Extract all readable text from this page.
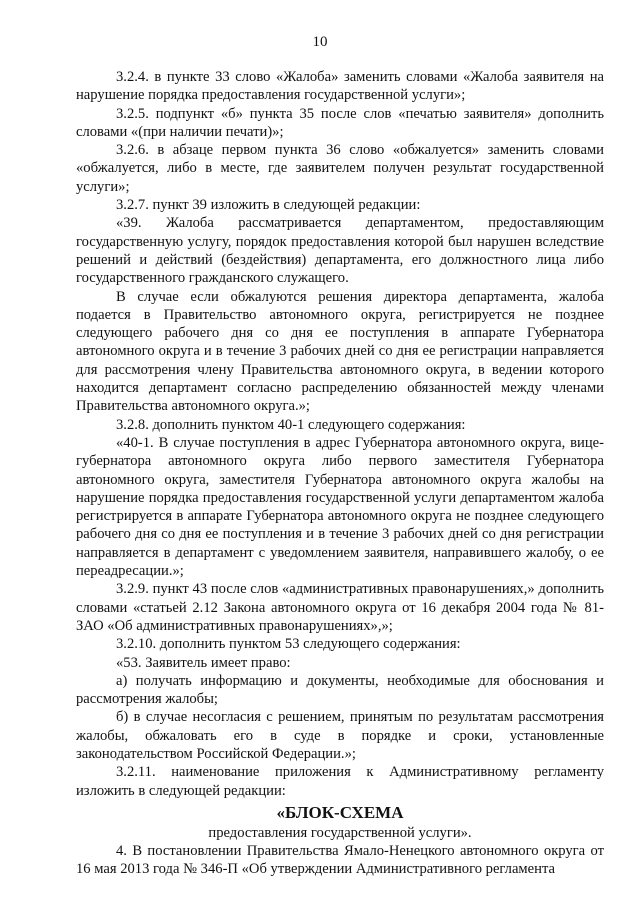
10

3.2.4. в пункте 33 слово «Жалоба» заменить словами «Жалоба заявителя на нарушение порядка предоставления государственной услуги»;

3.2.5. подпункт «б» пункта 35 после слов «печатью заявителя» дополнить словами «(при наличии печати)»;

3.2.6. в абзаце первом пункта 36 слово «обжалуется» заменить словами «обжалуется, либо в месте, где заявителем получен результат государственной услуги»;

3.2.7. пункт 39 изложить в следующей редакции:

«39. Жалоба рассматривается департаментом, предоставляющим государственную услугу, порядок предоставления которой был нарушен вследствие решений и действий (бездействия) департамента, его должностного лица либо государственного гражданского служащего.

В случае если обжалуются решения директора департамента, жалоба подается в Правительство автономного округа, регистрируется не позднее следующего рабочего дня со дня ее поступления в аппарате Губернатора автономного округа и в течение 3 рабочих дней со дня ее регистрации направляется для рассмотрения члену Правительства автономного округа, в ведении которого находится департамент согласно распределению обязанностей между членами Правительства автономного округа.»;

3.2.8. дополнить пунктом 40-1 следующего содержания:

«40-1. В случае поступления в адрес Губернатора автономного округа, вице-губернатора автономного округа либо первого заместителя Губернатора автономного округа, заместителя Губернатора автономного округа жалобы на нарушение порядка предоставления государственной услуги департаментом жалоба регистрируется в аппарате Губернатора автономного округа не позднее следующего рабочего дня со дня ее поступления и в течение 3 рабочих дней со дня регистрации направляется в департамент с уведомлением заявителя, направившего жалобу, о ее переадресации.»;

3.2.9. пункт 43 после слов «административных правонарушениях,» дополнить словами «статьей 2.12 Закона автономного округа от 16 декабря 2004 года № 81-ЗАО «Об административных правонарушениях»,»;

3.2.10. дополнить пунктом 53 следующего содержания:

«53. Заявитель имеет право:

а) получать информацию и документы, необходимые для обоснования и рассмотрения жалобы;

б) в случае несогласия с решением, принятым по результатам рассмотрения жалобы, обжаловать его в суде в порядке и сроки, установленные законодательством Российской Федерации.»;

3.2.11. наименование приложения к Административному регламенту изложить в следующей редакции:

«БЛОК-СХЕМА

предоставления государственной услуги».

4. В постановлении Правительства Ямало-Ненецкого автономного округа от 16 мая 2013 года № 346-П «Об утверждении Административного регламента
